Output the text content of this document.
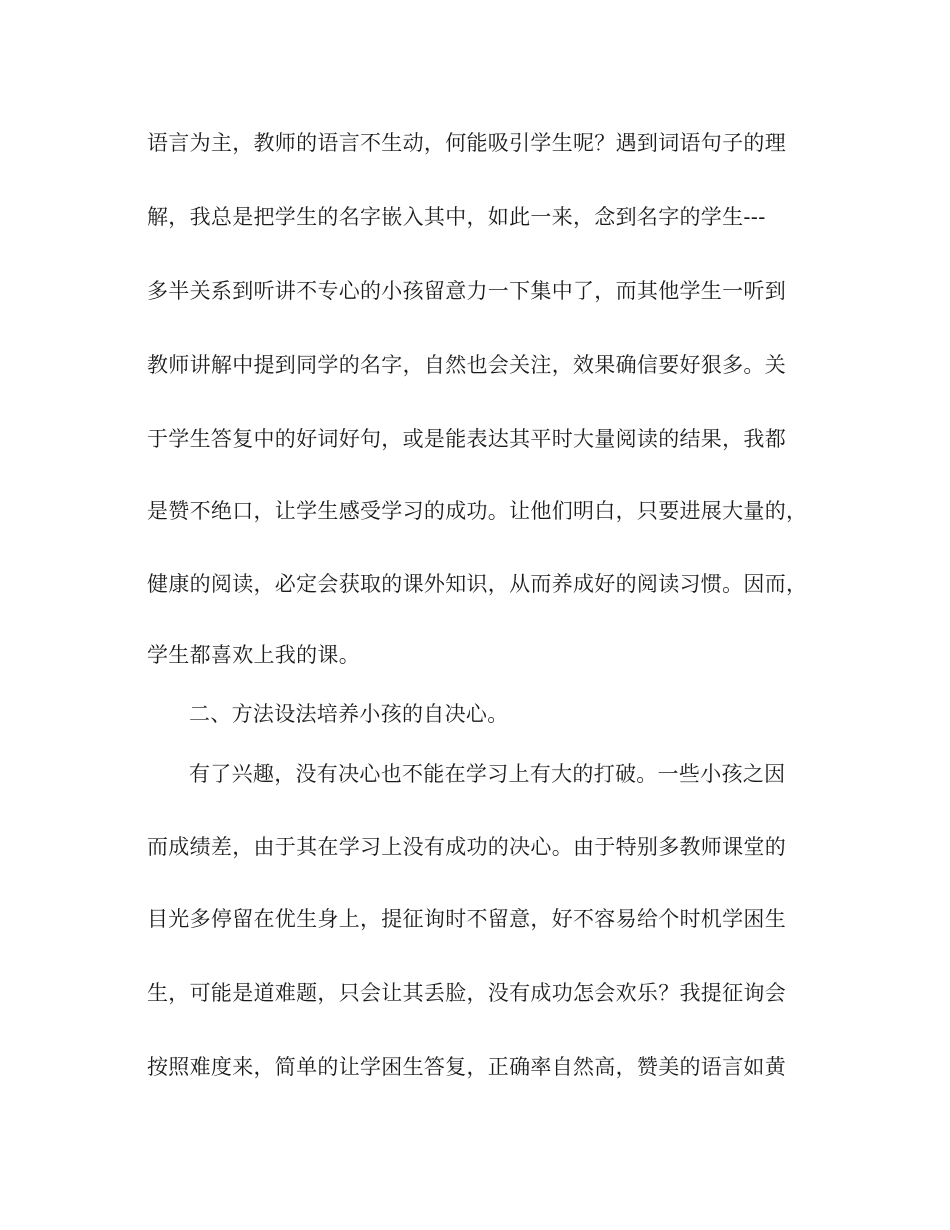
语言为主，教师的语言不生动，何能吸引学生呢？遇到词语句子的理

解，我总是把学生的名字嵌入其中，如此一来，念到名字的学生---

多半关系到听讲不专心的小孩留意力一下集中了，而其他学生一听到

教师讲解中提到同学的名字，自然也会关注，效果确信要好狠多。关

于学生答复中的好词好句，或是能表达其平时大量阅读的结果，我都

是赞不绝口，让学生感受学习的成功。让他们明白，只要进展大量的，

健康的阅读，必定会获取的课外知识，从而养成好的阅读习惯。因而，

学生都喜欢上我的课。

二、方法设法培养小孩的自决心。

有了兴趣，没有决心也不能在学习上有大的打破。一些小孩之因

而成绩差，由于其在学习上没有成功的决心。由于特别多教师课堂的

目光多停留在优生身上，提征询时不留意，好不容易给个时机学困生

生，可能是道难题，只会让其丢脸，没有成功怎会欢乐？我提征询会

按照难度来，简单的让学困生答复，正确率自然高，赞美的语言如黄
